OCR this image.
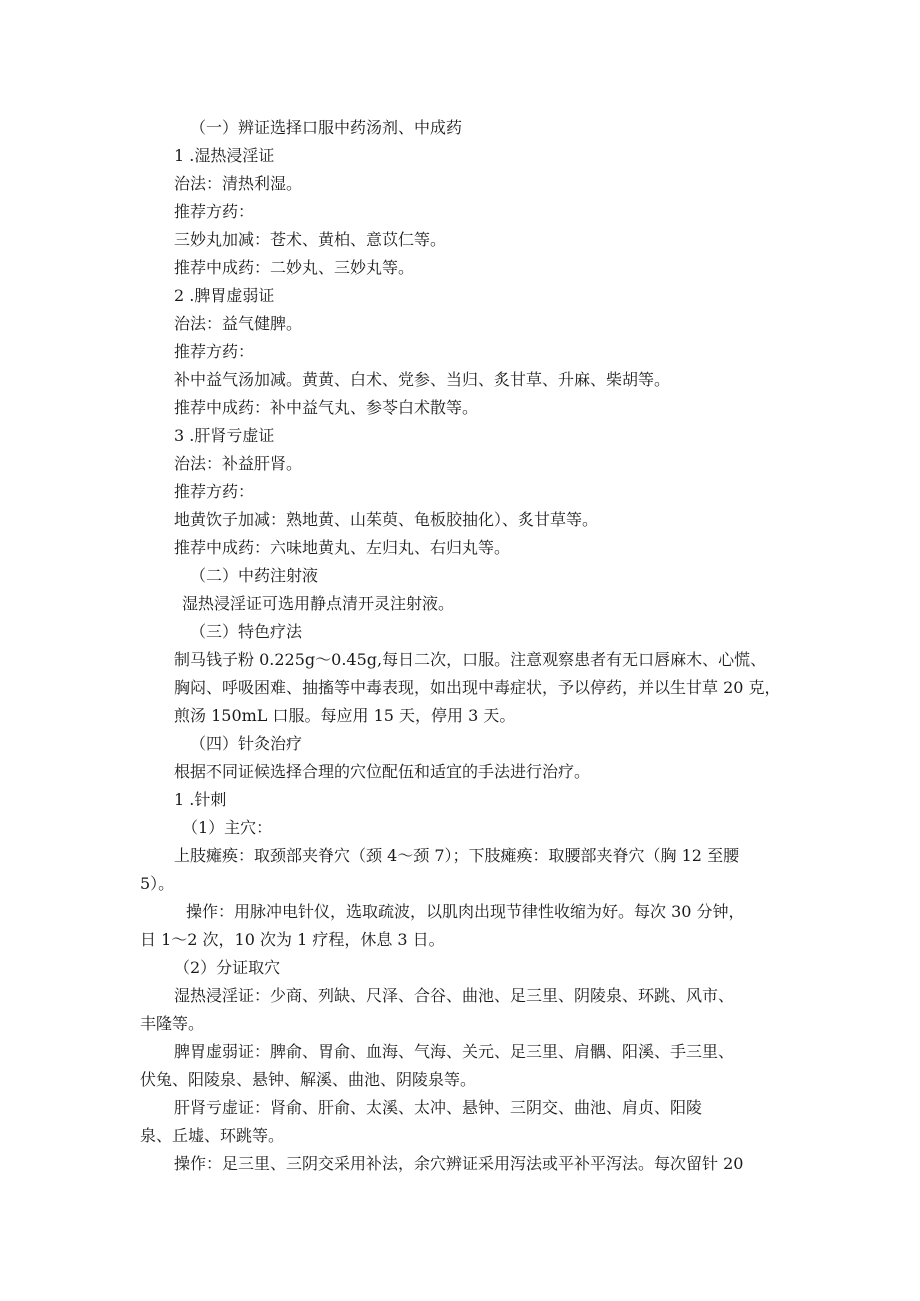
（一）辨证选择口服中药汤剂、中成药
1 .湿热浸淫证
治法：清热利湿。
推荐方药：
三妙丸加减：苍术、黄柏、意苡仁等。
推荐中成药：二妙丸、三妙丸等。
2 .脾胃虚弱证
治法：益气健脾。
推荐方药：
补中益气汤加减。黄黄、白术、党参、当归、炙甘草、升麻、柴胡等。
推荐中成药：补中益气丸、参苓白术散等。
3 .肝肾亏虚证
治法：补益肝肾。
推荐方药：
地黄饮子加减：熟地黄、山茱萸、龟板胶抽化）、炙甘草等。
推荐中成药：六味地黄丸、左归丸、右归丸等。
（二）中药注射液
湿热浸淫证可选用静点清开灵注射液。
（三）特色疗法
制马钱子粉 0.225g～0.45g,每日二次，口服。注意观察患者有无口唇麻木、心慌、
胸闷、呼吸困难、抽搐等中毒表现，如出现中毒症状，予以停药，并以生甘草 20 克，
煎汤 150mL 口服。每应用 15 天，停用 3 天。
（四）针灸治疗
根据不同证候选择合理的穴位配伍和适宜的手法进行治疗。
1 .针刺
（1）主穴：
上肢瘫痪：取颈部夹脊穴（颈 4～颈 7）；下肢瘫痪：取腰部夹脊穴（胸 12 至腰
5）。
操作：用脉冲电针仪，选取疏波，以肌肉出现节律性收缩为好。每次 30 分钟，
日 1～2 次，10 次为 1 疗程，休息 3 日。
（2）分证取穴
湿热浸淫证：少商、列缺、尺泽、合谷、曲池、足三里、阴陵泉、环跳、风市、
丰隆等。
脾胃虚弱证：脾俞、胃俞、血海、气海、关元、足三里、肩髃、阳溪、手三里、
伏兔、阳陵泉、悬钟、解溪、曲池、阴陵泉等。
肝肾亏虚证：肾俞、肝俞、太溪、太冲、悬钟、三阴交、曲池、肩贞、阳陵
泉、丘墟、环跳等。
操作：足三里、三阴交采用补法，余穴辨证采用泻法或平补平泻法。每次留针 20
